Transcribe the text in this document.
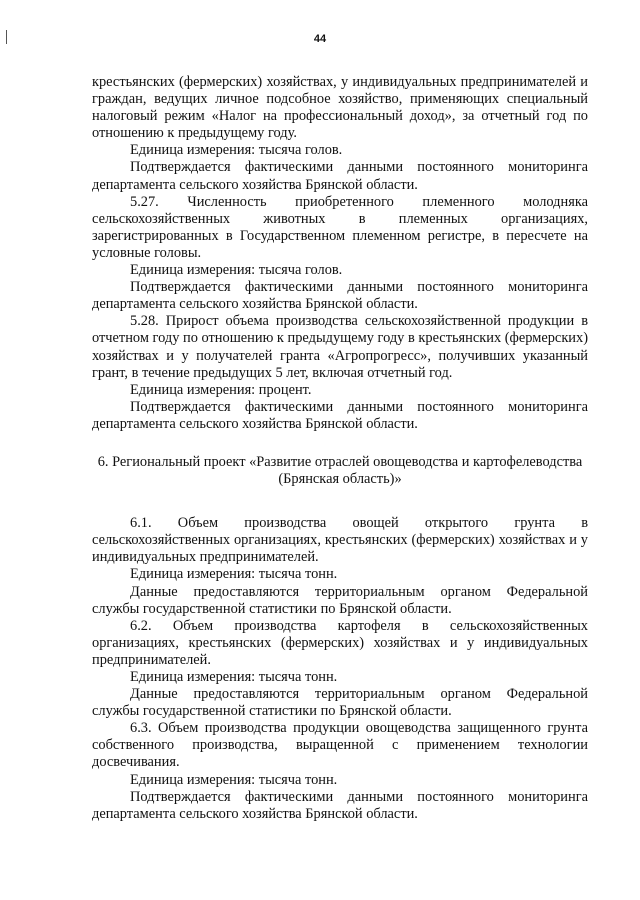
44

крестьянских (фермерских) хозяйствах, у индивидуальных предпринимателей и граждан, ведущих личное подсобное хозяйство, применяющих специальный налоговый режим «Налог на профессиональный доход», за отчетный год по отношению к предыдущему году.

Единица измерения: тысяча голов.

Подтверждается фактическими данными постоянного мониторинга департамента сельского хозяйства Брянской области.

5.27. Численность приобретенного племенного молодняка сельскохозяйственных животных в племенных организациях, зарегистрированных в Государственном племенном регистре, в пересчете на условные головы.

Единица измерения: тысяча голов.

Подтверждается фактическими данными постоянного мониторинга департамента сельского хозяйства Брянской области.

5.28. Прирост объема производства сельскохозяйственной продукции в отчетном году по отношению к предыдущему году в крестьянских (фермерских) хозяйствах и у получателей гранта «Агропрогресс», получивших указанный грант, в течение предыдущих 5 лет, включая отчетный год.

Единица измерения: процент.

Подтверждается фактическими данными постоянного мониторинга департамента сельского хозяйства Брянской области.

6. Региональный проект «Развитие отраслей овощеводства и картофелеводства (Брянская область)»

6.1. Объем производства овощей открытого грунта в сельскохозяйственных организациях, крестьянских (фермерских) хозяйствах и у индивидуальных предпринимателей.

Единица измерения: тысяча тонн.

Данные предоставляются территориальным органом Федеральной службы государственной статистики по Брянской области.

6.2. Объем производства картофеля в сельскохозяйственных организациях, крестьянских (фермерских) хозяйствах и у индивидуальных предпринимателей.

Единица измерения: тысяча тонн.

Данные предоставляются территориальным органом Федеральной службы государственной статистики по Брянской области.

6.3. Объем производства продукции овощеводства защищенного грунта собственного производства, выращенной с применением технологии досвечивания.

Единица измерения: тысяча тонн.

Подтверждается фактическими данными постоянного мониторинга департамента сельского хозяйства Брянской области.
